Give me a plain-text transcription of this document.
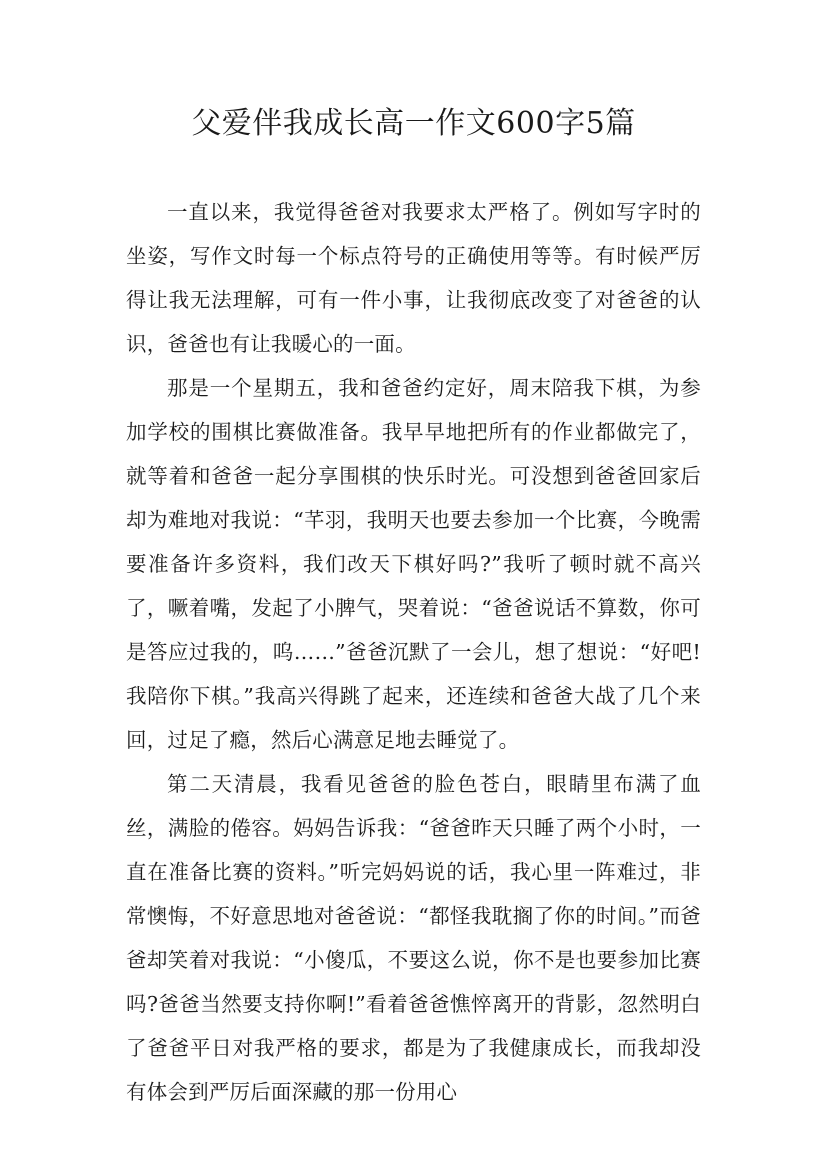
父爱伴我成长高一作文600字5篇

一直以来，我觉得爸爸对我要求太严格了。例如写字时的坐姿，写作文时每一个标点符号的正确使用等等。有时候严厉得让我无法理解，可有一件小事，让我彻底改变了对爸爸的认识，爸爸也有让我暖心的一面。

那是一个星期五，我和爸爸约定好，周末陪我下棋，为参加学校的围棋比赛做准备。我早早地把所有的作业都做完了，就等着和爸爸一起分享围棋的快乐时光。可没想到爸爸回家后却为难地对我说：“芊羽，我明天也要去参加一个比赛，今晚需要准备许多资料，我们改天下棋好吗?”我听了顿时就不高兴了，噘着嘴，发起了小脾气，哭着说：“爸爸说话不算数，你可是答应过我的，呜……”爸爸沉默了一会儿，想了想说：“好吧!我陪你下棋。”我高兴得跳了起来，还连续和爸爸大战了几个来回，过足了瘾，然后心满意足地去睡觉了。

第二天清晨，我看见爸爸的脸色苍白，眼睛里布满了血丝，满脸的倦容。妈妈告诉我：“爸爸昨天只睡了两个小时，一直在准备比赛的资料。”听完妈妈说的话，我心里一阵难过，非常懊悔，不好意思地对爸爸说：“都怪我耽搁了你的时间。”而爸爸却笑着对我说：“小傻瓜，不要这么说，你不是也要参加比赛吗?爸爸当然要支持你啊!”看着爸爸憔悴离开的背影，忽然明白了爸爸平日对我严格的要求，都是为了我健康成长，而我却没有体会到严厉后面深藏的那一份用心
